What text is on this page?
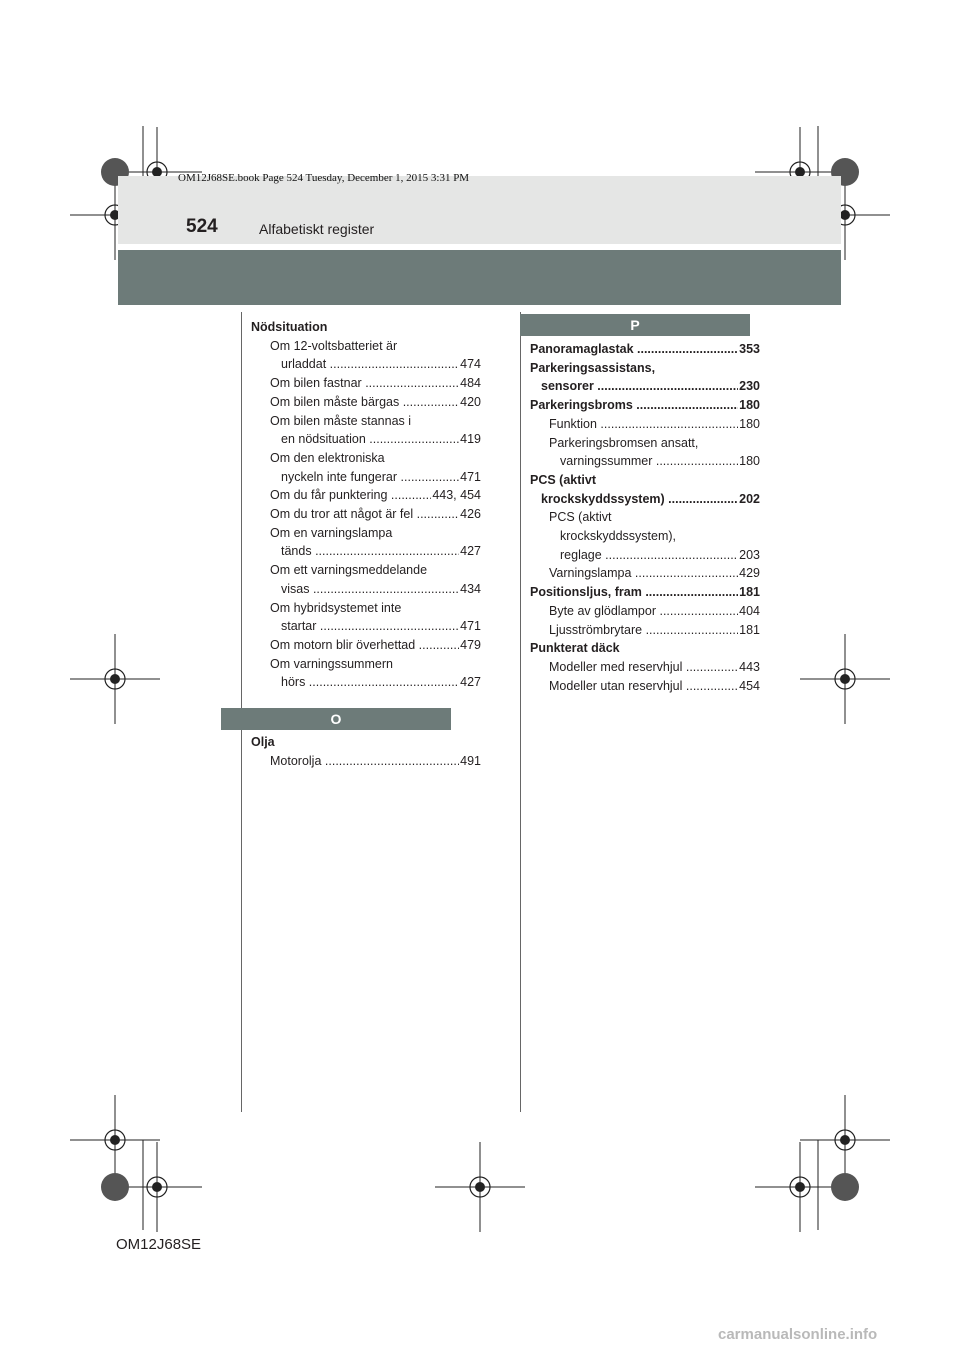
OM12J68SE.book Page 524 Tuesday, December 1, 2015 3:31 PM
524	Alfabetiskt register
Nödsituation
Om 12-voltsbatteriet är
urladdat .....	474
Om bilen fastnar .....	484
Om bilen måste bärgas .....	420
Om bilen måste stannas i
en nödsituation .....	419
Om den elektroniska
nyckeln inte fungerar .....	471
Om du får punktering .....	443, 454
Om du tror att något är fel .....	426
Om en varningslampa
tänds .....	427
Om ett varningsmeddelande
visas .....	434
Om hybridsystemet inte
startar .....	471
Om motorn blir överhettad .....	479
Om varningssummern
hörs .....	427
O
Olja
Motorolja .....	491
P
Panoramaglastak .....	353
Parkeringsassistans,
sensorer .....	230
Parkeringsbroms .....	180
Funktion .....	180
Parkeringsbromsen ansatt,
varningssummer .....	180
PCS (aktivt
krockskyddssystem) .....	202
PCS (aktivt
krockskyddssystem),
reglage .....	203
Varningslampa .....	429
Positionsljus, fram .....	181
Byte av glödlampor .....	404
Ljusströmbrytare .....	181
Punkterat däck
Modeller med reservhjul .....	443
Modeller utan reservhjul .....	454
OM12J68SE
carmanualsonline.info
